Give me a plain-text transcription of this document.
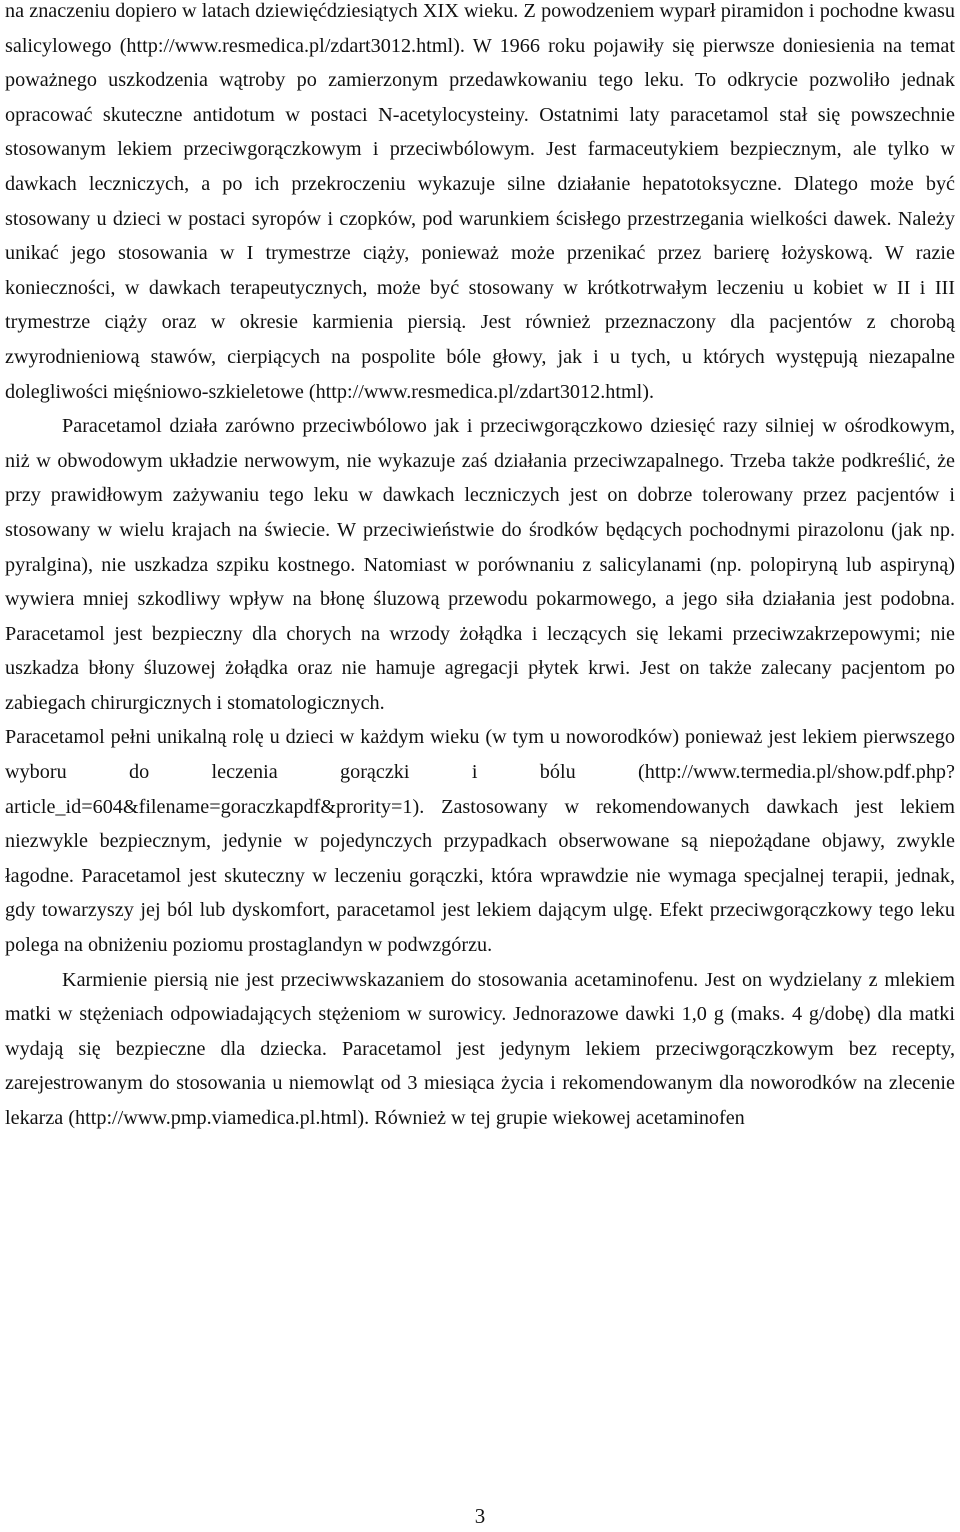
na znaczeniu dopiero w latach dziewięćdziesiątych XIX wieku. Z powodzeniem wyparł piramidon i pochodne kwasu salicylowego (http://www.resmedica.pl/zdart3012.html). W 1966 roku pojawiły się pierwsze doniesienia na temat poważnego uszkodzenia wątroby po zamierzonym przedawkowaniu tego leku. To odkrycie pozwoliło jednak opracować skuteczne antidotum w postaci N-acetylocysteiny. Ostatnimi laty paracetamol stał się powszechnie stosowanym lekiem przeciwgorączkowym i przeciwbólowym. Jest farmaceutykiem bezpiecznym, ale tylko w dawkach leczniczych, a po ich przekroczeniu wykazuje silne działanie hepatotoksyczne. Dlatego może być stosowany u dzieci w postaci syropów i czopków, pod warunkiem ścisłego przestrzegania wielkości dawek. Należy unikać jego stosowania w I trymestrze ciąży, ponieważ może przenikać przez barierę łożyskową. W razie konieczności, w dawkach terapeutycznych, może być stosowany w krótkotrwałym leczeniu u kobiet w II i III trymestrze ciąży oraz w okresie karmienia piersią. Jest również przeznaczony dla pacjentów z chorobą zwyrodnieniową stawów, cierpiących na pospolite bóle głowy, jak i u tych, u których występują niezapalne dolegliwości mięśniowo-szkieletowe (http://www.resmedica.pl/zdart3012.html).

Paracetamol działa zarówno przeciwbólowo jak i przeciwgorączkowo dziesięć razy silniej w ośrodkowym, niż w obwodowym układzie nerwowym, nie wykazuje zaś działania przeciwzapalnego. Trzeba także podkreślić, że przy prawidłowym zażywaniu tego leku w dawkach leczniczych jest on dobrze tolerowany przez pacjentów i stosowany w wielu krajach na świecie. W przeciwieństwie do środków będących pochodnymi pirazolonu (jak np. pyralgina), nie uszkadza szpiku kostnego. Natomiast w porównaniu z salicylanami (np. polopiryną lub aspiryną) wywiera mniej szkodliwy wpływ na błonę śluzową przewodu pokarmowego, a jego siła działania jest podobna. Paracetamol jest bezpieczny dla chorych na wrzody żołądka i leczących się lekami przeciwzakrzepowymi; nie uszkadza błony śluzowej żołądka oraz nie hamuje agregacji płytek krwi. Jest on także zalecany pacjentom po zabiegach chirurgicznych i stomatologicznych.

Paracetamol pełni unikalną rolę u dzieci w każdym wieku (w tym u noworodków) ponieważ jest lekiem pierwszego wyboru do leczenia gorączki i bólu (http://www.termedia.pl/show.pdf.php?article_id=604&filename=goraczkapdf&prority=1). Zastosowany w rekomendowanych dawkach jest lekiem niezwykle bezpiecznym, jedynie w pojedynczych przypadkach obserwowane są niepożądane objawy, zwykle łagodne. Paracetamol jest skuteczny w leczeniu gorączki, która wprawdzie nie wymaga specjalnej terapii, jednak, gdy towarzyszy jej ból lub dyskomfort, paracetamol jest lekiem dającym ulgę. Efekt przeciwgorączkowy tego leku polega na obniżeniu poziomu prostaglandyn w podwzgórzu.

Karmienie piersią nie jest przeciwwskazaniem do stosowania acetaminofenu. Jest on wydzielany z mlekiem matki w stężeniach odpowiadających stężeniom w surowicy. Jednorazowe dawki 1,0 g (maks. 4 g/dobę) dla matki wydają się bezpieczne dla dziecka. Paracetamol jest jedynym lekiem przeciwgorączkowym bez recepty, zarejestrowanym do stosowania u niemowląt od 3 miesiąca życia i rekomendowanym dla noworodków na zlecenie lekarza (http://www.pmp.viamedica.pl.html). Również w tej grupie wiekowej acetaminofen

3
